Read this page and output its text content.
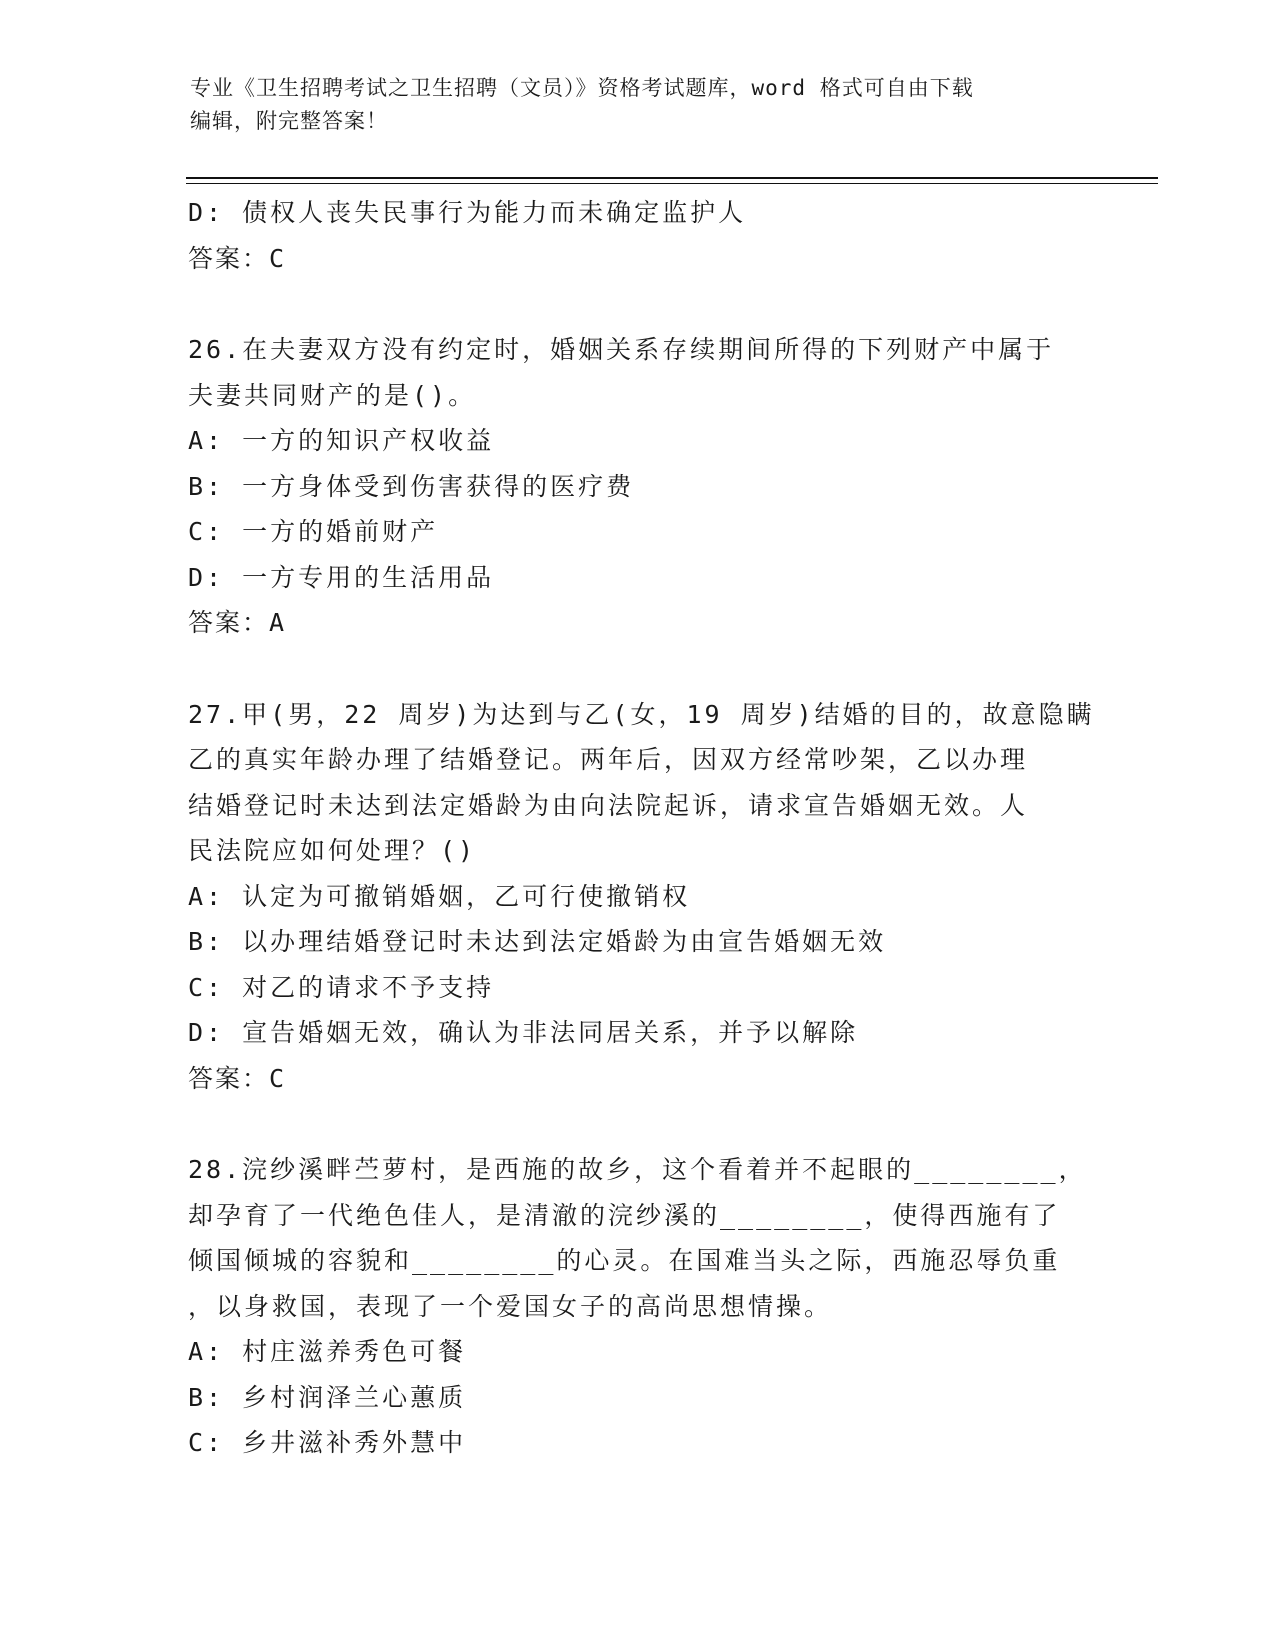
专业《卫生招聘考试之卫生招聘（文员）》资格考试题库，word 格式可自由下载
编辑，附完整答案！
D: 债权人丧失民事行为能力而未确定监护人
答案：C
26.在夫妻双方没有约定时，婚姻关系存续期间所得的下列财产中属于
夫妻共同财产的是()。
A: 一方的知识产权收益
B: 一方身体受到伤害获得的医疗费
C: 一方的婚前财产
D: 一方专用的生活用品
答案：A
27.甲(男，22 周岁)为达到与乙(女，19 周岁)结婚的目的，故意隐瞒
乙的真实年龄办理了结婚登记。两年后，因双方经常吵架，乙以办理
结婚登记时未达到法定婚龄为由向法院起诉，请求宣告婚姻无效。人
民法院应如何处理？()
A: 认定为可撤销婚姻，乙可行使撤销权
B: 以办理结婚登记时未达到法定婚龄为由宣告婚姻无效
C: 对乙的请求不予支持
D: 宣告婚姻无效，确认为非法同居关系，并予以解除
答案：C
28.浣纱溪畔苎萝村，是西施的故乡，这个看着并不起眼的________，
却孕育了一代绝色佳人，是清澈的浣纱溪的________，使得西施有了
倾国倾城的容貌和________的心灵。在国难当头之际，西施忍辱负重
，以身救国，表现了一个爱国女子的高尚思想情操。
A: 村庄滋养秀色可餐
B: 乡村润泽兰心蕙质
C: 乡井滋补秀外慧中
